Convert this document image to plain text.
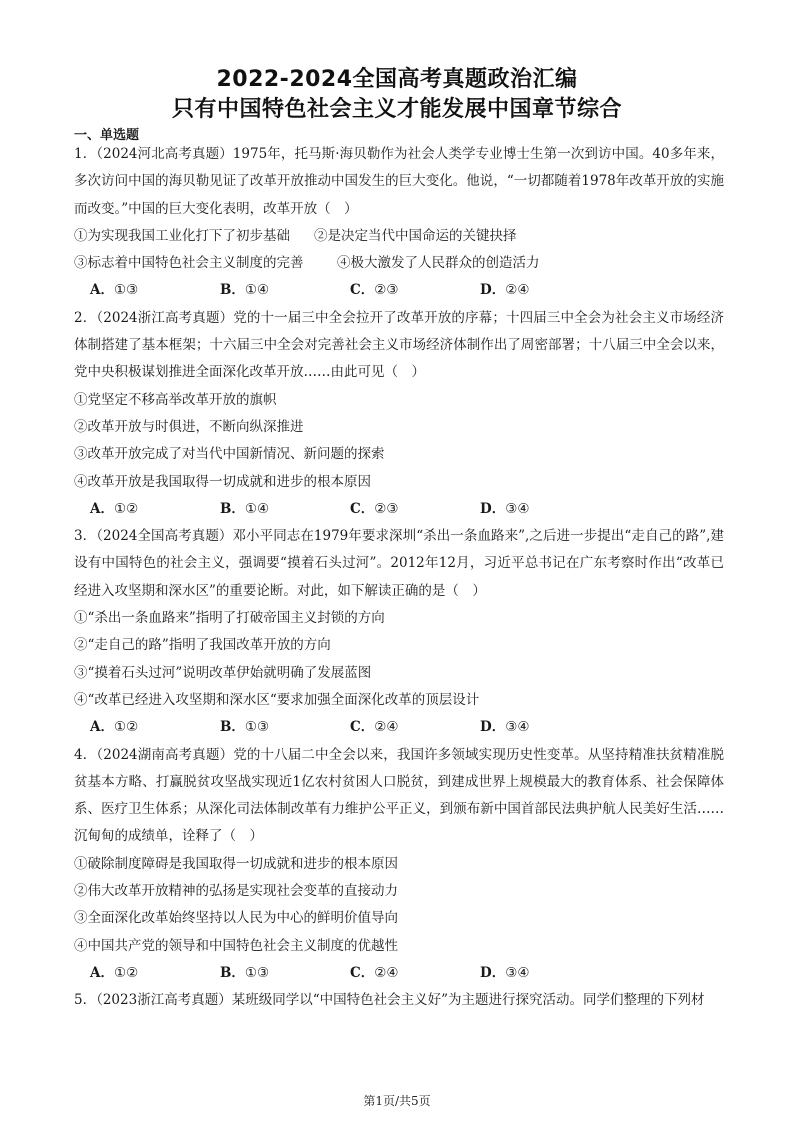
2022-2024全国高考真题政治汇编
只有中国特色社会主义才能发展中国章节综合
一、单选题

1．（2024河北高考真题）1975年，托马斯·海贝勒作为社会人类学专业博士生第一次到访中国。40多年来，多次访问中国的海贝勒见证了改革开放推动中国发生的巨大变化。他说，“一切都随着1978年改革开放的实施而改变。”中国的巨大变化表明，改革开放（　）

①为实现我国工业化打下了初步基础	②是决定当代中国命运的关键抉择
③标志着中国特色社会主义制度的完善	④极大激发了人民群众的创造活力
A．①③	B．①④	C．②③	D．②④

2．（2024浙江高考真题）党的十一届三中全会拉开了改革开放的序幕；十四届三中全会为社会主义市场经济体制搭建了基本框架；十六届三中全会对完善社会主义市场经济体制作出了周密部署；十八届三中全会以来，党中央积极谋划推进全面深化改革开放……由此可见（　）

①党坚定不移高举改革开放的旗帜

②改革开放与时俱进，不断向纵深推进

③改革开放完成了对当代中国新情况、新问题的探索

④改革开放是我国取得一切成就和进步的根本原因

A．①②	B．①④	C．②③	D．③④

3．（2024全国高考真题）邓小平同志在1979年要求深圳“杀出一条血路来”,之后进一步提出“走自己的路”,建设有中国特色的社会主义，强调要“摸着石头过河”。2012年12月，习近平总书记在广东考察时作出“改革已经进入攻坚期和深水区”的重要论断。对此，如下解读正确的是（　）

①“杀出一条血路来”指明了打破帝国主义封锁的方向

②“走自己的路”指明了我国改革开放的方向

③“摸着石头过河”说明改革伊始就明确了发展蓝图

④“改革已经进入攻坚期和深水区“要求加强全面深化改革的顶层设计

A．①②	B．①③	C．②④	D．③④

4．（2024湖南高考真题）党的十八届二中全会以来，我国许多领域实现历史性变革。从坚持精准扶贫精准脱贫基本方略、打赢脱贫攻坚战实现近1亿农村贫困人口脱贫，到建成世界上规模最大的教育体系、社会保障体系、医疗卫生体系；从深化司法体制改革有力维护公平正义，到颁布新中国首部民法典护航人民美好生活……沉甸甸的成绩单，诠释了（　）

①破除制度障碍是我国取得一切成就和进步的根本原因

②伟大改革开放精神的弘扬是实现社会变革的直接动力

③全面深化改革始终坚持以人民为中心的鲜明价值导向

④中国共产党的领导和中国特色社会主义制度的优越性

A．①②	B．①③	C．②④	D．③④

5．（2023浙江高考真题）某班级同学以“中国特色社会主义好”为主题进行探究活动。同学们整理的下列材

第1页/共5页
